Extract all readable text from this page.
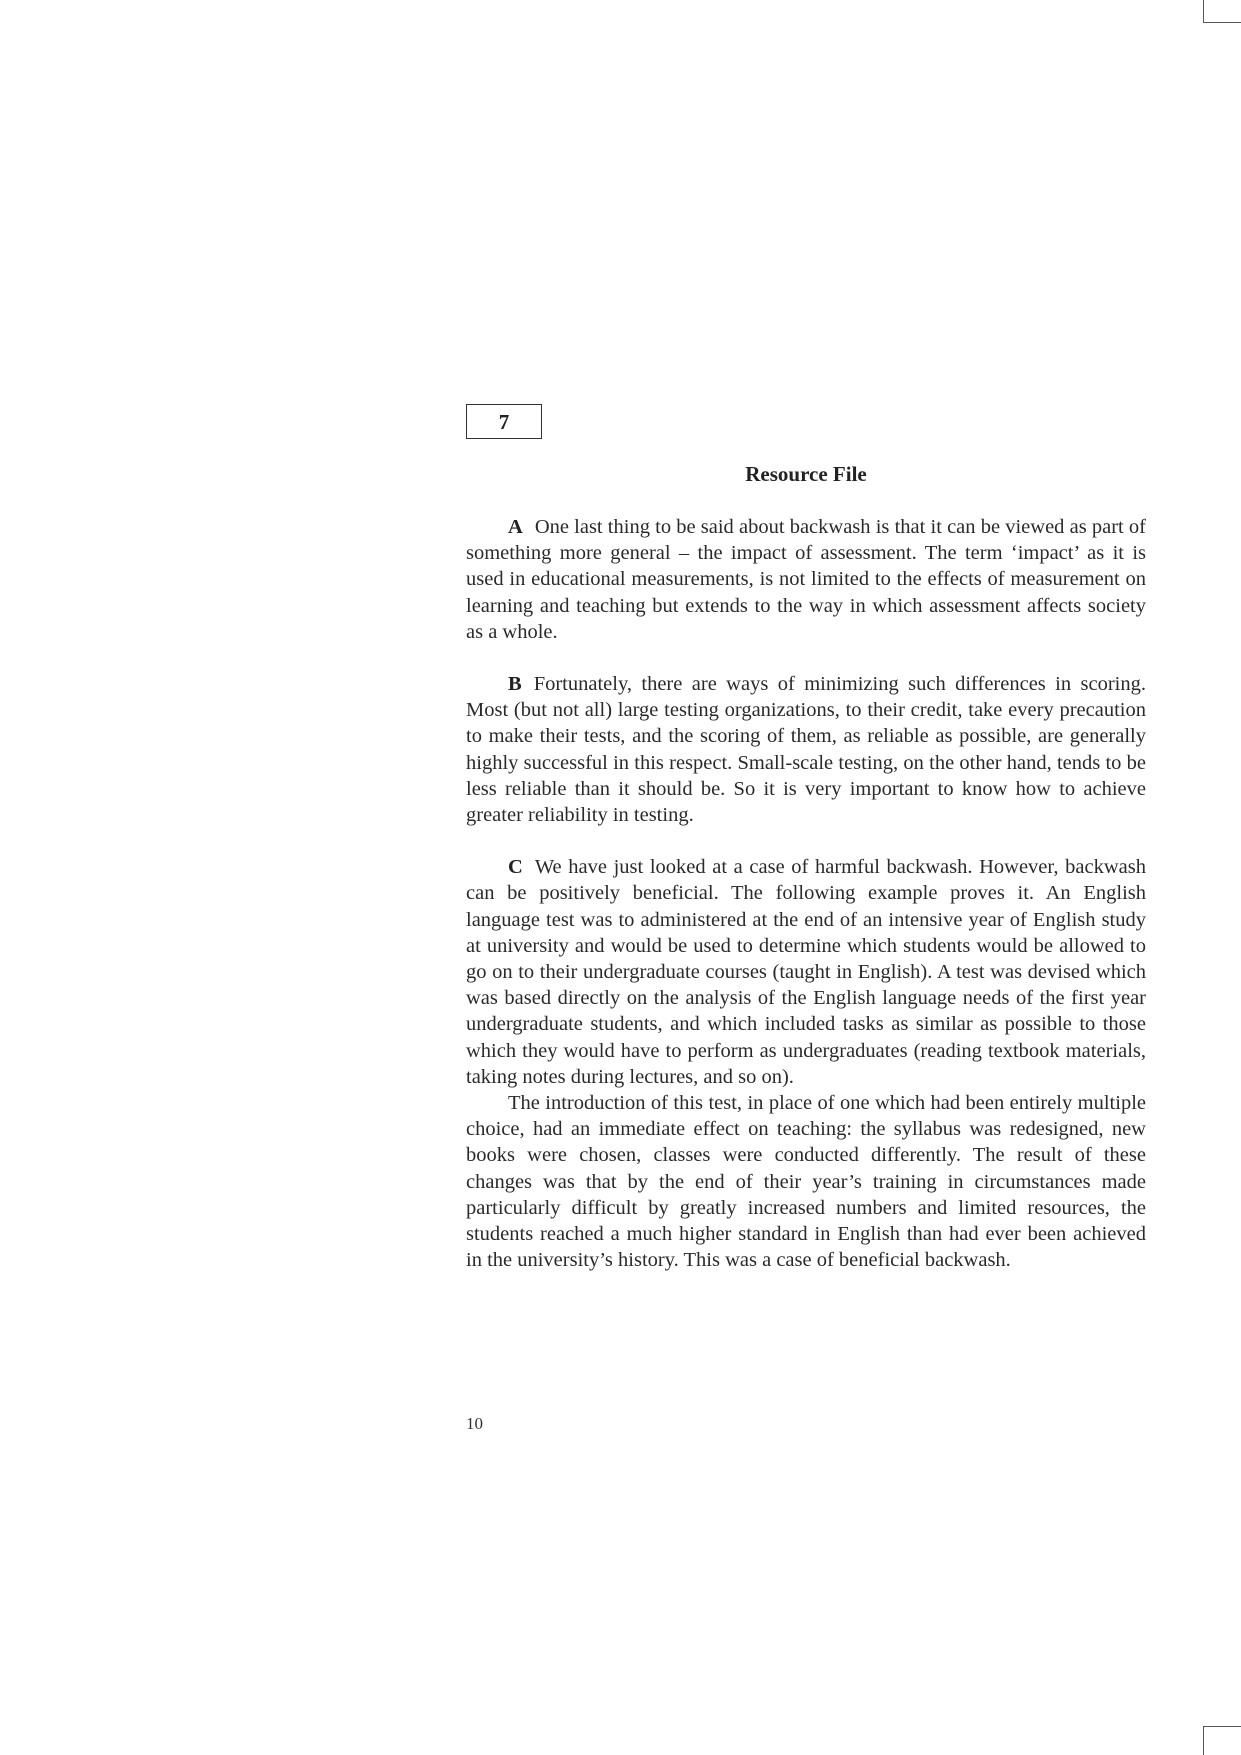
7
Resource File

A One last thing to be said about backwash is that it can be viewed as part of something more general – the impact of assessment. The term ‘impact’ as it is used in educational measurements, is not limited to the effects of measurement on learning and teaching but extends to the way in which assessment affects society as a whole.

B Fortunately, there are ways of minimizing such differences in scoring. Most (but not all) large testing organizations, to their credit, take every precaution to make their tests, and the scoring of them, as reliable as possible, are generally highly successful in this respect. Small-scale testing, on the other hand, tends to be less reliable than it should be. So it is very important to know how to achieve greater reliability in testing.

C We have just looked at a case of harmful backwash. However, backwash can be positively beneficial. The following example proves it. An English language test was to administered at the end of an intensive year of English study at university and would be used to determine which students would be allowed to go on to their undergraduate courses (taught in English). A test was devised which was based directly on the analysis of the English language needs of the first year undergraduate students, and which included tasks as similar as possible to those which they would have to perform as undergraduates (reading textbook materials, taking notes during lectures, and so on).

The introduction of this test, in place of one which had been entirely multiple choice, had an immediate effect on teaching: the syllabus was redesigned, new books were chosen, classes were conducted differently. The result of these changes was that by the end of their year’s training in circumstances made particularly difficult by greatly increased numbers and limited resources, the students reached a much higher standard in English than had ever been achieved in the university’s history. This was a case of beneficial backwash.

10
